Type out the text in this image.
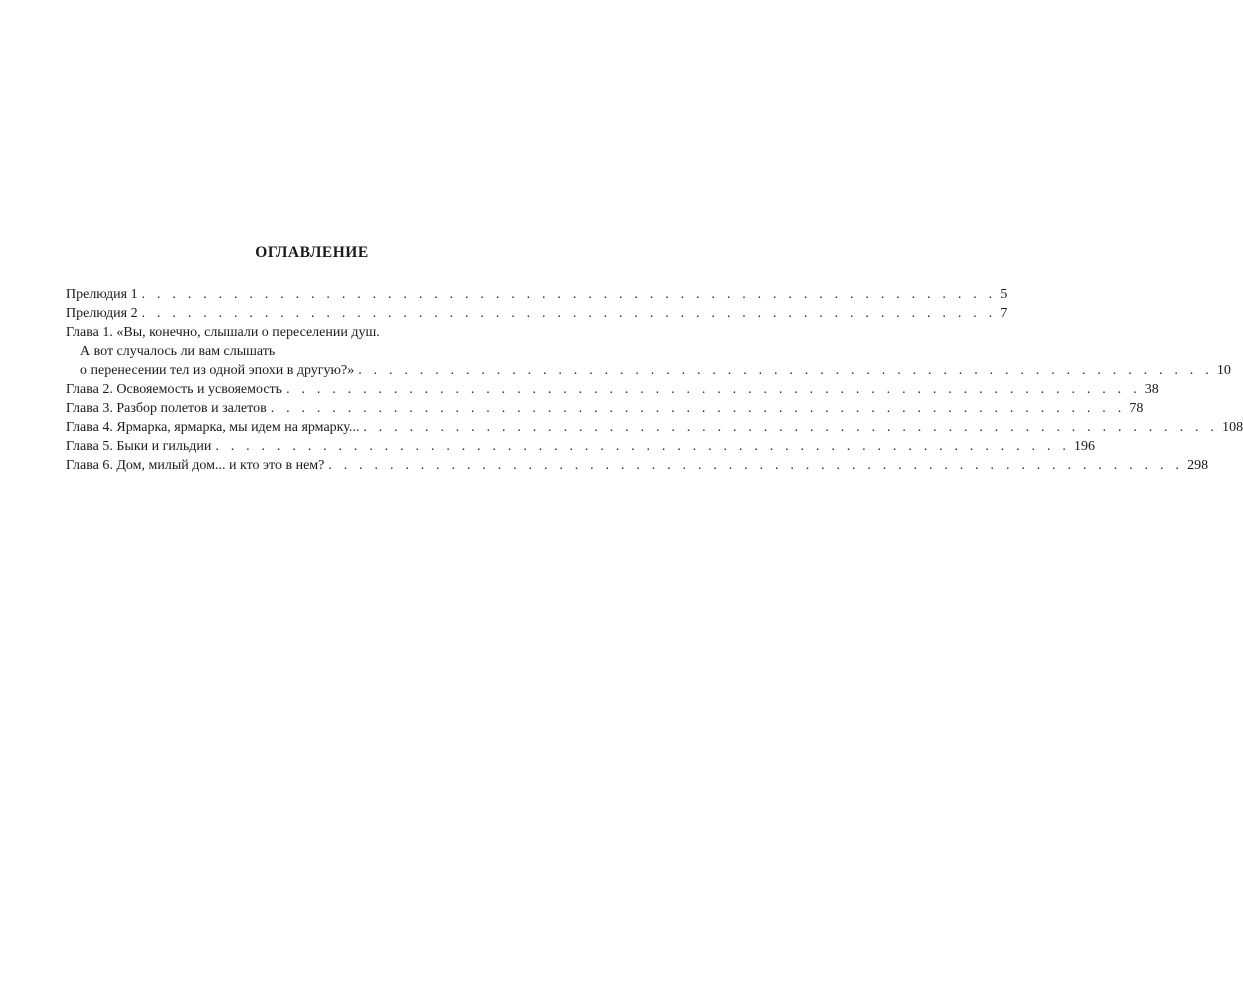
ОГЛАВЛЕНИЕ
Прелюдия 1 . . . . . . . . . . . . . . . . . . . . . . . . . . . . . . . . . . . . . . . . . . . . . . . . . . . . . . . . 5
Прелюдия 2 . . . . . . . . . . . . . . . . . . . . . . . . . . . . . . . . . . . . . . . . . . . . . . . . . . . . . . . . 7
Глава 1. «Вы, конечно, слышали о переселении душ.
А вот случалось ли вам слышать
о перенесении тел из одной эпохи в другую?» . . . . . . . . . . . . . . . . . . . . . . . . . . . . . . . . . . . . . . . . . . . . . . . . . . . . . . . . 10
Глава 2. Освояемость и усвояемость . . . . . . . . . . . . . . . . . . . . . . . . . . . . . . . . . . . . . . . . . . . . . . . . . . . . . . . . 38
Глава 3. Разбор полетов и залетов . . . . . . . . . . . . . . . . . . . . . . . . . . . . . . . . . . . . . . . . . . . . . . . . . . . . . . . . 78
Глава 4. Ярмарка, ярмарка, мы идем на ярмарку... . . . . . . . . . . . . . . . . . . . . . . . . . . . . . . . . . . . . . . . . . . . . . . . . . . . . . . . . 108
Глава 5. Быки и гильдии . . . . . . . . . . . . . . . . . . . . . . . . . . . . . . . . . . . . . . . . . . . . . . . . . . . . . . . . 196
Глава 6. Дом, милый дом... и кто это в нем? . . . . . . . . . . . . . . . . . . . . . . . . . . . . . . . . . . . . . . . . . . . . . . . . . . . . . . . . 298
